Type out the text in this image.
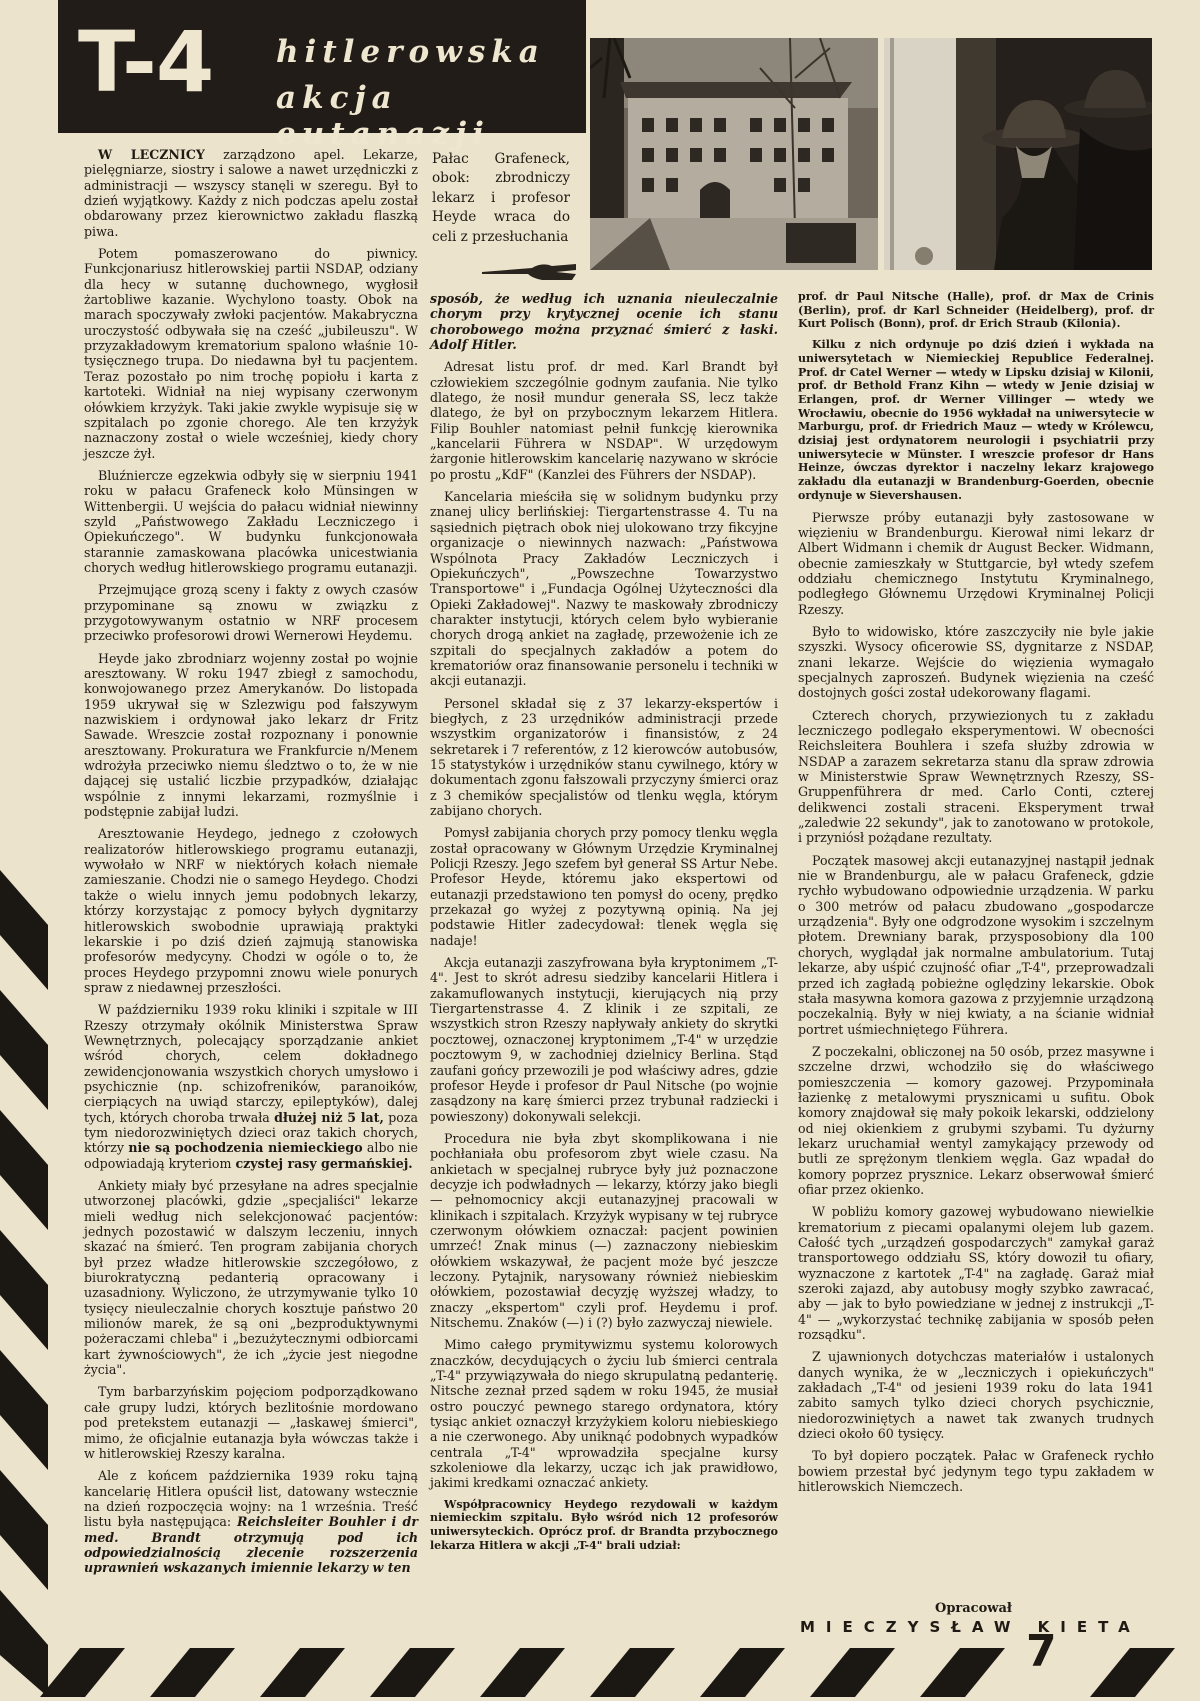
T-4 hitlerowska
akcja eutanazji
Pałac Grafeneck, obok: zbrodniczy lekarz i profesor Heyde wraca do celi z przesłuchania

W LECZNICY zarządzono apel. Lekarze, pielęgniarze, siostry i salowe a nawet urzędniczki z administracji — wszyscy stanęli w szeregu. Był to dzień wyjątkowy. Każdy z nich podczas apelu został obdarowany przez kierownictwo zakładu flaszką piwa.

Potem pomaszerowano do piwnicy. Funkcjonariusz hitlerowskiej partii NSDAP, odziany dla hecy w sutannę duchownego, wygłosił żartobliwe kazanie. Wychylono toasty. Obok na marach spoczywały zwłoki pacjentów. Makabryczna uroczystość odbywała się na cześć „jubileuszu". W przyzakładowym krematorium spalono właśnie 10-tysięcznego trupa. Do niedawna był tu pacjentem. Teraz pozostało po nim trochę popiołu i karta z kartoteki. Widniał na niej wypisany czerwonym ołówkiem krzyżyk. Taki jakie zwykle wypisuje się w szpitalach po zgonie chorego. Ale ten krzyżyk naznaczony został o wiele wcześniej, kiedy chory jeszcze żył.

Bluźniercze egzekwia odbyły się w sierpniu 1941 roku w pałacu Grafeneck koło Münsingen w Wittenbergii. U wejścia do pałacu widniał niewinny szyld „Państwowego Zakładu Leczniczego i Opiekuńczego". W budynku funkcjonowała starannie zamaskowana placówka unicestwiania chorych według hitlerowskiego programu eutanazji.

Przejmujące grozą sceny i fakty z owych czasów przypominane są znowu w związku z przygotowywanym ostatnio w NRF procesem przeciwko profesorowi drowi Wernerowi Heydemu.

Heyde jako zbrodniarz wojenny został po wojnie aresztowany. W roku 1947 zbiegł z samochodu, konwojowanego przez Amerykanów. Do listopada 1959 ukrywał się w Szlezwigu pod fałszywym nazwiskiem i ordynował jako lekarz dr Fritz Sawade. Wreszcie został rozpoznany i ponownie aresztowany. Prokuratura we Frankfurcie n/Menem wdrożyła przeciwko niemu śledztwo o to, że w nie dającej się ustalić liczbie przypadków, działając wspólnie z innymi lekarzami, rozmyślnie i podstępnie zabijał ludzi.

Aresztowanie Heydego, jednego z czołowych realizatorów hitlerowskiego programu eutanazji, wywołało w NRF w niektórych kołach niemałe zamieszanie. Chodzi nie o samego Heydego. Chodzi także o wielu innych jemu podobnych lekarzy, którzy korzystając z pomocy byłych dygnitarzy hitlerowskich swobodnie uprawiają praktyki lekarskie i po dziś dzień zajmują stanowiska profesorów medycyny. Chodzi w ogóle o to, że proces Heydego przypomni znowu wiele ponurych spraw z niedawnej przeszłości.

W październiku 1939 roku kliniki i szpitale w III Rzeszy otrzymały okólnik Ministerstwa Spraw Wewnętrznych, polecający sporządzanie ankiet wśród chorych, celem dokładnego zewidencjonowania wszystkich chorych umysłowo i psychicznie (np. schizofreników, paranoików, cierpiących na uwiąd starczy, epileptyków), dalej tych, których choroba trwała dłużej niż 5 lat, poza tym niedorozwiniętych dzieci oraz takich chorych, którzy nie są pochodzenia niemieckiego albo nie odpowiadają kryteriom czystej rasy germańskiej.

Ankiety miały być przesyłane na adres specjalnie utworzonej placówki, gdzie „specjaliści" lekarze mieli według nich selekcjonować pacjentów: jednych pozostawić w dalszym leczeniu, innych skazać na śmierć. Ten program zabijania chorych był przez władze hitlerowskie szczegółowo, z biurokratyczną pedanterią opracowany i uzasadniony. Wyliczono, że utrzymywanie tylko 10 tysięcy nieuleczalnie chorych kosztuje państwo 20 milionów marek, że są oni „bezproduktywnymi pożeraczami chleba" i „bezużytecznymi odbiorcami kart żywnościowych", że ich „życie jest niegodne życia".

Tym barbarzyńskim pojęciom podporządkowano całe grupy ludzi, których bezlitośnie mordowano pod pretekstem eutanazji — „łaskawej śmierci", mimo, że oficjalnie eutanazja była wówczas także i w hitlerowskiej Rzeszy karalna.

Ale z końcem października 1939 roku tajną kancelarię Hitlera opuścił list, datowany wstecznie na dzień rozpoczęcia wojny: na 1 września. Treść listu była następująca: Reichsleiter Bouhler i dr med. Brandt otrzymują pod ich odpowiedzialnością zlecenie rozszerzenia uprawnień wskazanych imiennie lekarzy w ten

sposób, że według ich uznania nieuleczalnie chorym przy krytycznej ocenie ich stanu chorobowego można przyznać śmierć z łaski. Adolf Hitler.

Adresat listu prof. dr med. Karl Brandt był człowiekiem szczególnie godnym zaufania. Nie tylko dlatego, że nosił mundur generała SS, lecz także dlatego, że był on przybocznym lekarzem Hitlera. Filip Bouhler natomiast pełnił funkcję kierownika „kancelarii Führera w NSDAP". W urzędowym żargonie hitlerowskim kancelarię nazywano w skrócie po prostu „KdF" (Kanzlei des Führers der NSDAP).

Kancelaria mieściła się w solidnym budynku przy znanej ulicy berlińskiej: Tiergartenstrasse 4. Tu na sąsiednich piętrach obok niej ulokowano trzy fikcyjne organizacje o niewinnych nazwach: „Państwowa Wspólnota Pracy Zakładów Leczniczych i Opiekuńczych", „Powszechne Towarzystwo Transportowe" i „Fundacja Ogólnej Użyteczności dla Opieki Zakładowej". Nazwy te maskowały zbrodniczy charakter instytucji, których celem było wybieranie chorych drogą ankiet na zagładę, przewożenie ich ze szpitali do specjalnych zakładów a potem do krematoriów oraz finansowanie personelu i techniki w akcji eutanazji.

Personel składał się z 37 lekarzy-ekspertów i biegłych, z 23 urzędników administracji przede wszystkim organizatorów i finansistów, z 24 sekretarek i 7 referentów, z 12 kierowców autobusów, 15 statystyków i urzędników stanu cywilnego, który w dokumentach zgonu fałszowali przyczyny śmierci oraz z 3 chemików specjalistów od tlenku węgla, którym zabijano chorych.

Pomysł zabijania chorych przy pomocy tlenku węgla został opracowany w Głównym Urzędzie Kryminalnej Policji Rzeszy. Jego szefem był generał SS Artur Nebe. Profesor Heyde, któremu jako ekspertowi od eutanazji przedstawiono ten pomysł do oceny, prędko przekazał go wyżej z pozytywną opinią. Na jej podstawie Hitler zadecydował: tlenek węgla się nadaje!

Akcja eutanazji zaszyfrowana była kryptonimem „T-4". Jest to skrót adresu siedziby kancelarii Hitlera i zakamuflowanych instytucji, kierujących nią przy Tiergartenstrasse 4. Z klinik i ze szpitali, ze wszystkich stron Rzeszy napływały ankiety do skrytki pocztowej, oznaczonej kryptonimem „T-4" w urzędzie pocztowym 9, w zachodniej dzielnicy Berlina. Stąd zaufani gońcy przewozili je pod właściwy adres, gdzie profesor Heyde i profesor dr Paul Nitsche (po wojnie zasądzony na karę śmierci przez trybunał radziecki i powieszony) dokonywali selekcji.

Procedura nie była zbyt skomplikowana i nie pochłaniała obu profesorom zbyt wiele czasu. Na ankietach w specjalnej rubryce były już poznaczone decyzje ich podwładnych — lekarzy, którzy jako biegli — pełnomocnicy akcji eutanazyjnej pracowali w klinikach i szpitalach. Krzyżyk wypisany w tej rubryce czerwonym ołówkiem oznaczał: pacjent powinien umrzeć! Znak minus (—) zaznaczony niebieskim ołówkiem wskazywał, że pacjent może być jeszcze leczony. Pytajnik, narysowany również niebieskim ołówkiem, pozostawiał decyzję wyższej władzy, to znaczy „ekspertom" czyli prof. Heydemu i prof. Nitschemu. Znaków (—) i (?) było zazwyczaj niewiele.

Mimo całego prymitywizmu systemu kolorowych znaczków, decydujących o życiu lub śmierci centrala „T-4" przywiązywała do niego skrupulatną pedanterię. Nitsche zeznał przed sądem w roku 1945, że musiał ostro pouczyć pewnego starego ordynatora, który tysiąc ankiet oznaczył krzyżykiem koloru niebieskiego a nie czerwonego. Aby uniknąć podobnych wypadków centrala „T-4" wprowadziła specjalne kursy szkoleniowe dla lekarzy, ucząc ich jak prawidłowo, jakimi kredkami oznaczać ankiety.

Współpracownicy Heydego rezydowali w każdym niemieckim szpitalu. Było wśród nich 12 profesorów uniwersyteckich. Oprócz prof. dr Brandta przybocznego lekarza Hitlera w akcji „T-4" brali udział:

prof. dr Paul Nitsche (Halle), prof. dr Max de Crinis (Berlin), prof. dr Karl Schneider (Heidelberg), prof. dr Kurt Polisch (Bonn), prof. dr Erich Straub (Kilonia).

Kilku z nich ordynuje po dziś dzień i wykłada na uniwersytetach w Niemieckiej Republice Federalnej. Prof. dr Catel Werner — wtedy w Lipsku dzisiaj w Kilonii, prof. dr Bethold Franz Kihn — wtedy w Jenie dzisiaj w Erlangen, prof. dr Werner Villinger — wtedy we Wrocławiu, obecnie do 1956 wykładał na uniwersytecie w Marburgu, prof. dr Friedrich Mauz — wtedy w Królewcu, dzisiaj jest ordynatorem neurologii i psychiatrii przy uniwersytecie w Münster. I wreszcie profesor dr Hans Heinze, ówczas dyrektor i naczelny lekarz krajowego zakładu dla eutanazji w Brandenburg-Goerden, obecnie ordynuje w Sievershausen.

Pierwsze próby eutanazji były zastosowane w więzieniu w Brandenburgu. Kierował nimi lekarz dr Albert Widmann i chemik dr August Becker. Widmann, obecnie zamieszkały w Stuttgarcie, był wtedy szefem oddziału chemicznego Instytutu Kryminalnego, podległego Głównemu Urzędowi Kryminalnej Policji Rzeszy.

Było to widowisko, które zaszczyciły nie byle jakie szyszki. Wysocy oficerowie SS, dygnitarze z NSDAP, znani lekarze. Wejście do więzienia wymagało specjalnych zaproszeń. Budynek więzienia na cześć dostojnych gości został udekorowany flagami.

Czterech chorych, przywiezionych tu z zakładu leczniczego podlegało eksperymentowi. W obecności Reichsleitera Bouhlera i szefa służby zdrowia w NSDAP a zarazem sekretarza stanu dla spraw zdrowia w Ministerstwie Spraw Wewnętrznych Rzeszy, SS-Gruppenführera dr med. Carlo Conti, czterej delikwenci zostali straceni. Eksperyment trwał „zaledwie 22 sekundy", jak to zanotowano w protokole, i przyniósł pożądane rezultaty.

Początek masowej akcji eutanazyjnej nastąpił jednak nie w Brandenburgu, ale w pałacu Grafeneck, gdzie rychło wybudowano odpowiednie urządzenia. W parku o 300 metrów od pałacu zbudowano „gospodarcze urządzenia". Były one odgrodzone wysokim i szczelnym płotem. Drewniany barak, przysposobiony dla 100 chorych, wyglądał jak normalne ambulatorium. Tutaj lekarze, aby uśpić czujność ofiar „T-4", przeprowadzali przed ich zagładą pobieżne oględziny lekarskie. Obok stała masywna komora gazowa z przyjemnie urządzoną poczekalnią. Były w niej kwiaty, a na ścianie widniał portret uśmiechniętego Führera.

Z poczekalni, obliczonej na 50 osób, przez masywne i szczelne drzwi, wchodziło się do właściwego pomieszczenia — komory gazowej. Przypominała łazienkę z metalowymi prysznicami u sufitu. Obok komory znajdował się mały pokoik lekarski, oddzielony od niej okienkiem z grubymi szybami. Tu dyżurny lekarz uruchamiał wentyl zamykający przewody od butli ze sprężonym tlenkiem węgla. Gaz wpadał do komory poprzez prysznice. Lekarz obserwował śmierć ofiar przez okienko.

W pobliżu komory gazowej wybudowano niewielkie krematorium z piecami opalanymi olejem lub gazem. Całość tych „urządzeń gospodarczych" zamykał garaż transportowego oddziału SS, który dowoził tu ofiary, wyznaczone z kartotek „T-4" na zagładę. Garaż miał szeroki zajazd, aby autobusy mogły szybko zawracać, aby — jak to było powiedziane w jednej z instrukcji „T-4" — „wykorzystać technikę zabijania w sposób pełen rozsądku".

Z ujawnionych dotychczas materiałów i ustalonych danych wynika, że w „leczniczych i opiekuńczych" zakładach „T-4" od jesieni 1939 roku do lata 1941 zabito samych tylko dzieci chorych psychicznie, niedorozwiniętych a nawet tak zwanych trudnych dzieci około 60 tysięcy.

To był dopiero początek. Pałac w Grafeneck rychło bowiem przestał być jedynym tego typu zakładem w hitlerowskich Niemczech.

Opracował
MIECZYSŁAW KIETA
7
